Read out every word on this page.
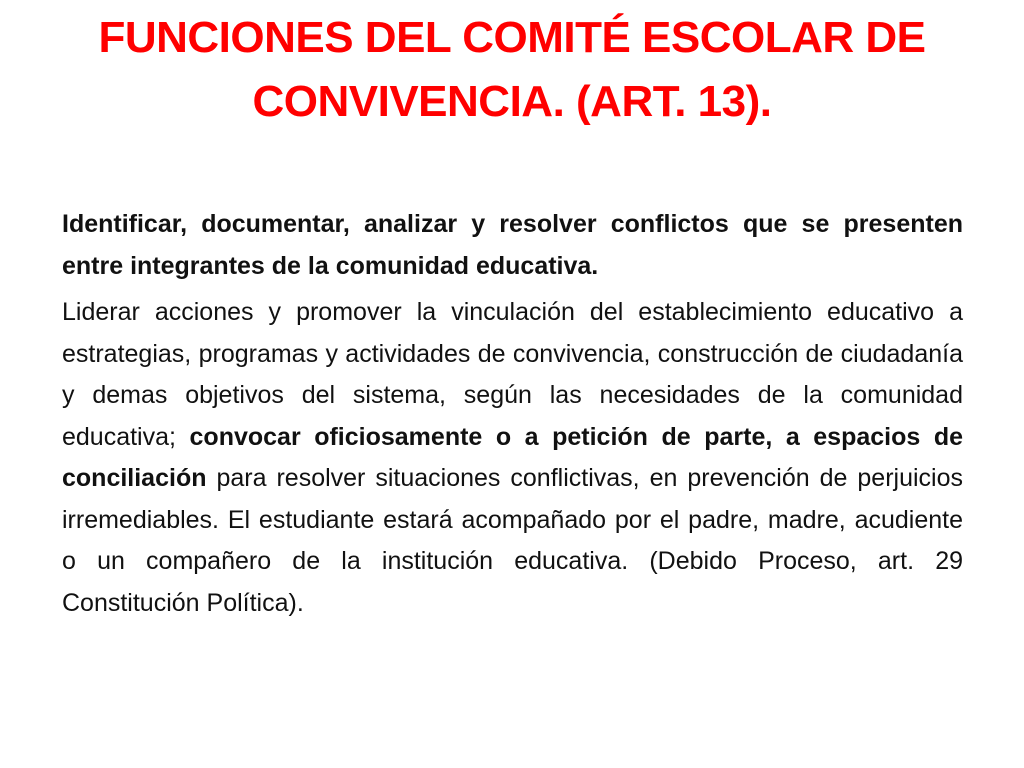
FUNCIONES DEL COMITÉ ESCOLAR DE CONVIVENCIA. (ART. 13).

Identificar, documentar, analizar y resolver conflictos que se presenten entre integrantes de la comunidad educativa.

Liderar acciones y promover la vinculación del establecimiento educativo a estrategias, programas y actividades de convivencia, construcción de ciudadanía y demas objetivos del sistema, según las necesidades de la comunidad educativa; convocar oficiosamente o a petición de parte, a espacios de conciliación para resolver situaciones conflictivas, en prevención de perjuicios irremediables. El estudiante estará acompañado por el padre, madre, acudiente o un compañero de la institución educativa. (Debido Proceso, art. 29 Constitución Política).
